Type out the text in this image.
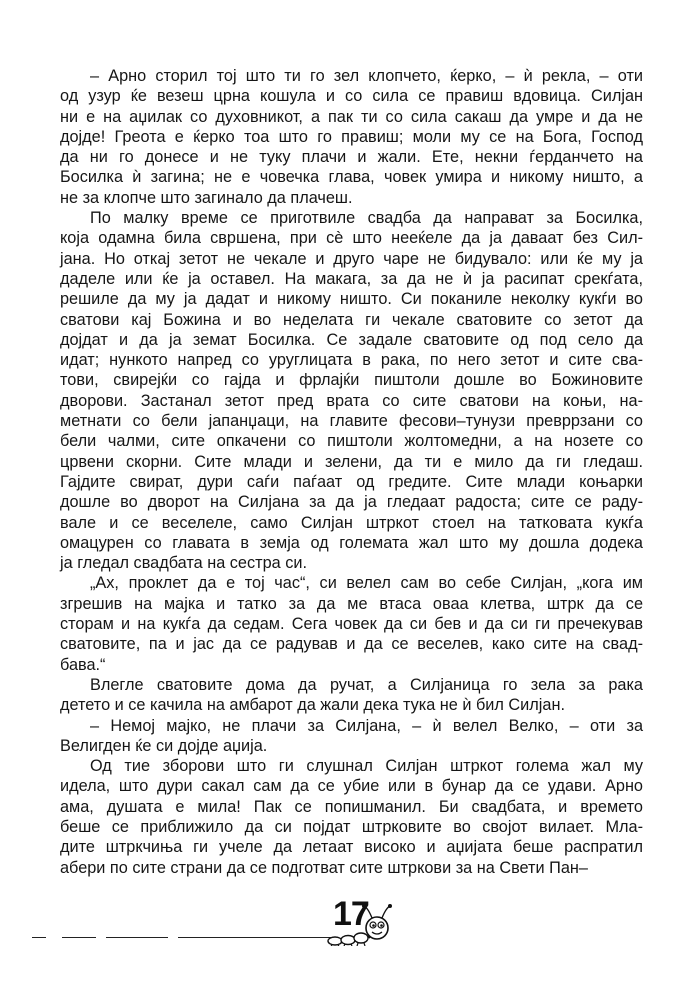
– Арно сторил тој што ти го зел клопчето, ќерко, – ѝ рекла, – оти
од узур ќе везеш црна кошула и со сила се правиш вдовица. Силјан
ни е на аџилак со духовникот, а пак ти со сила сакаш да умре и да не
дојде! Греота е ќерко тоа што го правиш; моли му се на Бога, Господ
да ни го донесе и не туку плачи и жали. Ете, некни ѓерданчето на
Босилка ѝ загина; не е човечка глава, човек умира и никому ништо, а
не за клопче што загинало да плачеш.
По малку време се приготвиле свадба да направат за Босилка,
која одамна била свршена, при сè што нееќеле да ја даваат без Сил-
јана. Но откај зетот не чекале и друго чаре не бидувало: или ќе му ја
даделе или ќе ја оставел. На макага, за да не ѝ ја расипат срекѓата,
решиле да му ја дадат и никому ништо. Си поканиле неколку кукѓи во
сватови кај Божина и во неделата ги чекале сватовите со зетот да
дојдат и да ја земат Босилка. Се задале сватовите од под село да
идат; нункото напред со уруглицата в рака, по него зетот и сите сва-
тови, свирејќи со гајда и фрлајќи пиштоли дошле во Божиновите
двoрови. Застанал зетот пред врата со сите сватови на коњи, на-
метнати со бели јапанџаци, на главите фесови–тунузи превррзани со
бели чалми, сите опкачени со пиштоли жолтомедни, а на нозете со
црвени скорни. Сите млади и зелени, да ти е мило да ги гледаш.
Гајдите свират, дури саѓи паѓаат од гредите. Сите млади коњарки
дошле во дворот на Силјана за да ја гледаат радоста; сите се раду-
вале и се веселеле, само Силјан штркот стоел на татковата кукѓа
омацурен со главата в земја од големата жал што му дошла додека
ја гледал свадбата на сестра си.
„Ах, проклет да е тој час“, си велел сам во себе Силјан, „кога им
згрешив на мајка и татко за да ме втаса оваа клетва, штрк да се
сторам и на кукѓа да седам. Сега човек да си бев и да си ги пречекував
сватовите, па и јас да се радував и да се веселев, како сите на свад-
бава.“
Влегле сватовите дома да ручат, а Силјаница го зела за рака
детето и се качила на амбарот да жали дека тука не ѝ бил Силјан.
– Немој мајко, не плачи за Силјана, – ѝ велел Велко, – оти за
Велигден ќе си дојде аџија.
Од тие зборови што ги слушнал Силјан штркот голема жал му
идела, што дури сакал сам да се убие или в бунар да се удави. Арно
ама, душата е мила! Пак се попишманил. Би свадбата, и времето
беше се приближило да си појдат штрковите во својот вилает. Мла-
дите штркчиња ги учеле да летаат високо и аџијата беше распратил
абери по сите страни да се подготват сите штркови за на Свети Пан–
17
